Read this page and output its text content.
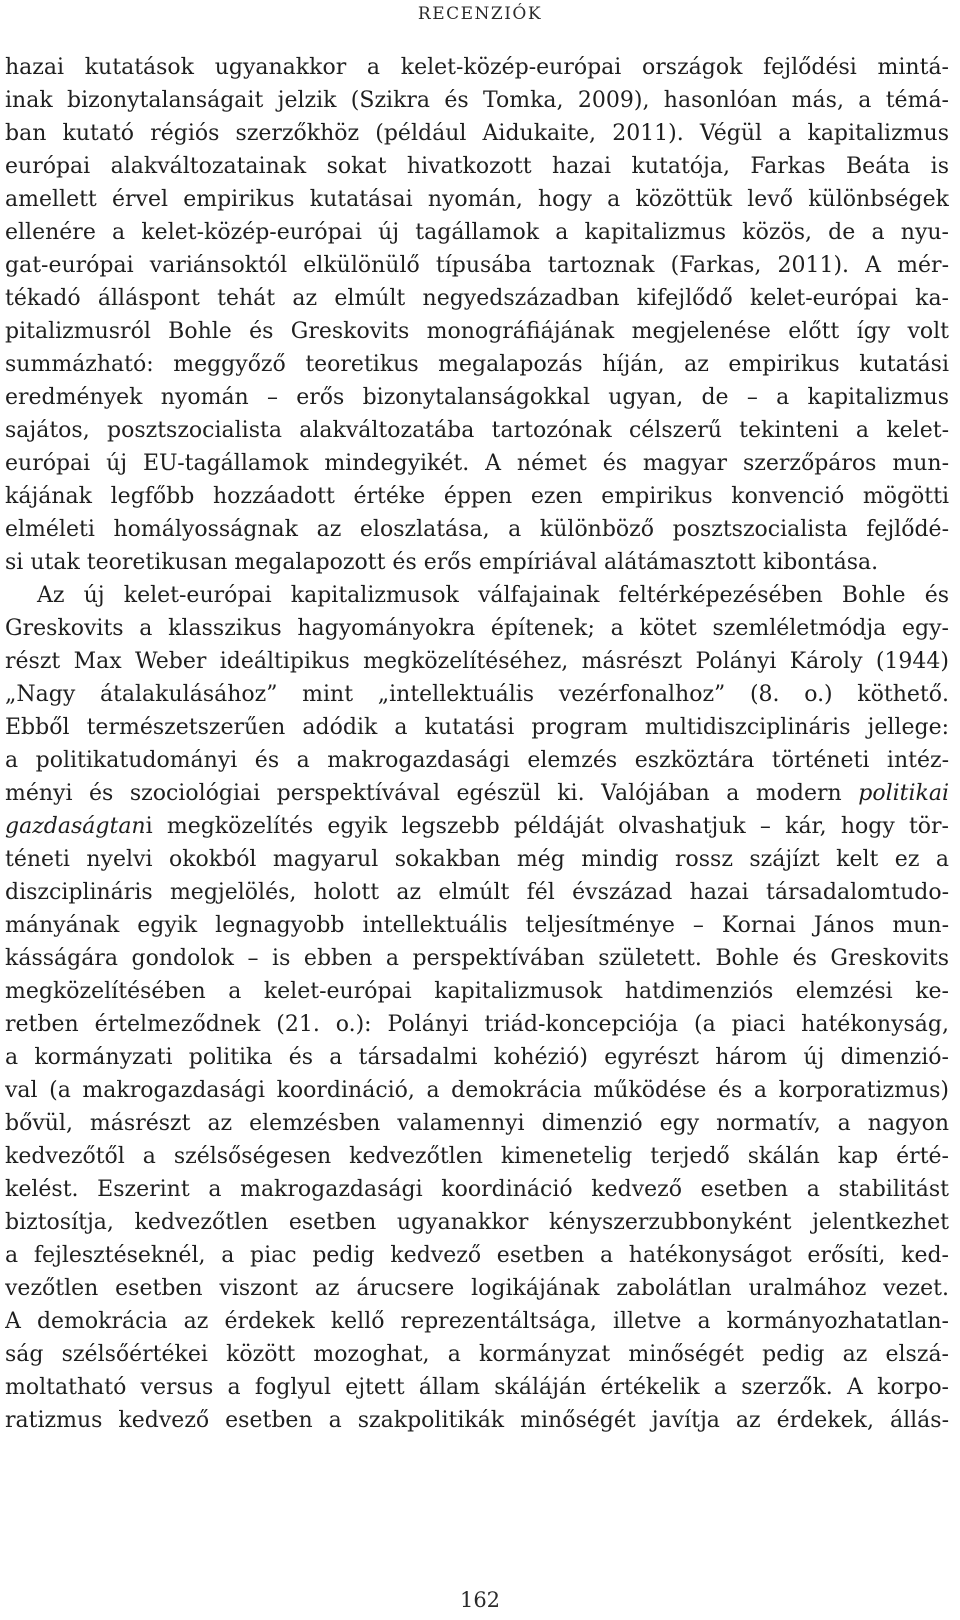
RECENZIÓK
hazai kutatások ugyanakkor a kelet-közép-európai országok fejlődési mintá-
inak bizonytalanságait jelzik (Szikra és Tomka, 2009), hasonlóan más, a témá-
ban kutató régiós szerzőkhöz (például Aidukaite, 2011). Végül a kapitalizmus
európai alakváltozatainak sokat hivatkozott hazai kutatója, Farkas Beáta is
amellett érvel empirikus kutatásai nyomán, hogy a közöttük levő különbségek
ellenére a kelet-közép-európai új tagállamok a kapitalizmus közös, de a nyu-
gat-európai variánsoktól elkülönülő típusába tartoznak (Farkas, 2011). A mér-
tékadó álláspont tehát az elmúlt negyedszázadban kifejlődő kelet-európai ka-
pitalizmusról Bohle és Greskovits monográfiájának megjelenése előtt így volt
summázható: meggyőző teoretikus megalapozás híján, az empirikus kutatási
eredmények nyomán – erős bizonytalanságokkal ugyan, de – a kapitalizmus
sajátos, posztszocialista alakváltozatába tartozónak célszerű tekinteni a kelet-
európai új EU-tagállamok mindegyikét. A német és magyar szerzőpáros mun-
kájának legfőbb hozzáadott értéke éppen ezen empirikus konvenció mögötti
elméleti homályosságnak az eloszlatása, a különböző posztszocialista fejlődé-
si utak teoretikusan megalapozott és erős empíriával alátámasztott kibontása.
Az új kelet-európai kapitalizmusok válfajainak feltérképezésében Bohle és
Greskovits a klasszikus hagyományokra építenek; a kötet szemléletmódja egy-
részt Max Weber ideáltipikus megközelítéséhez, másrészt Polányi Károly (1944)
„Nagy átalakulásához” mint „intellektuális vezérfonalhoz” (8. o.) köthető.
Ebből természetszerűen adódik a kutatási program multidiszciplináris jellege:
a politikatudományi és a makrogazdasági elemzés eszköztára történeti intéz-
ményi és szociológiai perspektívával egészül ki. Valójában a modern politikai
gazdaságtani megközelítés egyik legszebb példáját olvashatjuk – kár, hogy tör-
téneti nyelvi okokból magyarul sokakban még mindig rossz szájízt kelt ez a
diszciplináris megjelölés, holott az elmúlt fél évszázad hazai társadalomtudo-
mányának egyik legnagyobb intellektuális teljesítménye – Kornai János mun-
kásságára gondolok – is ebben a perspektívában született. Bohle és Greskovits
megközelítésében a kelet-európai kapitalizmusok hatdimenziós elemzési ke-
retben értelmeződnek (21. o.): Polányi triád-koncepciója (a piaci hatékonyság,
a kormányzati politika és a társadalmi kohézió) egyrészt három új dimenzió-
val (a makrogazdasági koordináció, a demokrácia működése és a korporatizmus)
bővül, másrészt az elemzésben valamennyi dimenzió egy normatív, a nagyon
kedvezőtől a szélsőségesen kedvezőtlen kimenetelig terjedő skálán kap érté-
kelést. Eszerint a makrogazdasági koordináció kedvező esetben a stabilitást
biztosítja, kedvezőtlen esetben ugyanakkor kényszerzubbonyként jelentkezhet
a fejlesztéseknél, a piac pedig kedvező esetben a hatékonyságot erősíti, ked-
vezőtlen esetben viszont az árucsere logikájának zabolátlan uralmához vezet.
A demokrácia az érdekek kellő reprezentáltsága, illetve a kormányozhatatlan-
ság szélsőértékei között mozoghat, a kormányzat minőségét pedig az elszá-
moltatható versus a foglyul ejtett állam skáláján értékelik a szerzők. A korpo-
ratizmus kedvező esetben a szakpolitikák minőségét javítja az érdekek, állás-
162
